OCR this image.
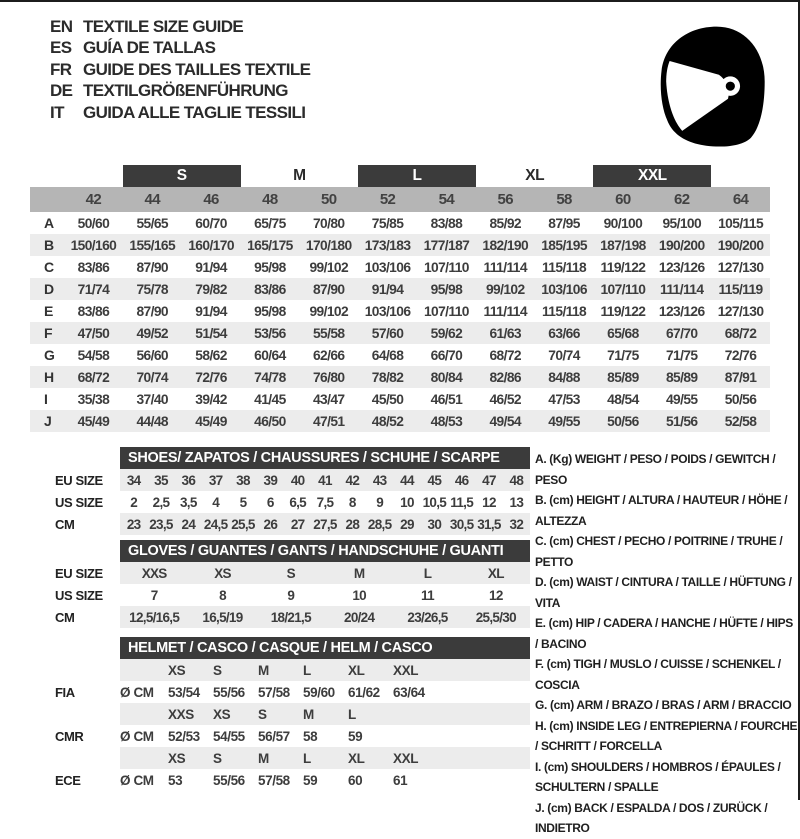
EN TEXTILE SIZE GUIDE
ES GUÍA DE TALLAS
FR GUIDE DES TAILLES TEXTILE
DE TEXTILGRÖßENFÜHRUNG
IT	GUIDA ALLE TAGLIE TESSILI
S	M	L	XL	XXL
42	44	46	48	50	52	54	56	58	60	62	64
A	50/60	55/65	60/70	65/75	70/80	75/85	83/88	85/92	87/95	90/100	95/100	105/115
B	150/160 155/165 160/170 165/175 170/180 173/183 177/187 182/190 185/195 187/198 190/200 190/200
C	83/86	87/90	91/94	95/98	99/102	103/106 107/110	111/114	115/118	119/122 123/126 127/130
D	71/74	75/78	79/82	83/86	87/90	91/94	95/98	99/102	103/106 107/110	111/114	115/119
E	83/86	87/90	91/94	95/98	99/102	103/106 107/110	111/114	115/118	119/122 123/126 127/130
F	47/50	49/52	51/54	53/56	55/58	57/60	59/62	61/63	63/66	65/68	67/70	68/72
G	54/58	56/60	58/62	60/64	62/66	64/68	66/70	68/72	70/74	71/75	71/75	72/76
H	68/72	70/74	72/76	74/78	76/80	78/82	80/84	82/86	84/88	85/89	85/89	87/91
I	35/38	37/40	39/42	41/45	43/47	45/50	46/51	46/52	47/53	48/54	49/55	50/56
J	45/49	44/48	45/49	46/50	47/51	48/52	48/53	49/54	49/55	50/56	51/56	52/58
SHOES/ ZAPATOS / CHAUSSURES / SCHUHE / SCARPE
EU SIZE	34	35	36	37	38	39	40	41	42	43	44	45	46	47	48
US SIZE	2	2,5 3,5	4	5	6	6,5 7,5	8	9	10 10,5 11,5 12	13
CM	23 23,5 24 24,5 25,5 26	27 27,5 28 28,5 29	30 30,5 31,5 32
GLOVES / GUANTES / GANTS / HANDSCHUHE / GUANTI
EU SIZE	XXS	XS	S	M	L	XL
US SIZE	7	8	9	10	11	12
CM	12,5/16,5	16,5/19	18/21,5	20/24	23/26,5	25,5/30
HELMET / CASCO / CASQUE / HELM / CASCO
XS	S	M	L	XL	XXL
FIA	Ø CM	53/54 55/56 57/58 59/60 61/62 63/64
XXS	XS	S	M	L
CMR	Ø CM	52/53 54/55 56/57 58	59
XS	S	M	L	XL	XXL
ECE	Ø CM	53	55/56 57/58 59	60	61
A. (Kg) WEIGHT / PESO / POIDS / GEWITCH / PESO
B. (cm) HEIGHT / ALTURA / HAUTEUR / HÖHE / ALTEZZA
C. (cm) CHEST / PECHO / POITRINE / TRUHE / PETTO
D. (cm) WAIST / CINTURA / TAILLE / HÜFTUNG / VITA
E. (cm) HIP / CADERA / HANCHE / HÜFTE / HIPS / BACINO
F. (cm) TIGH / MUSLO / CUISSE / SCHENKEL / COSCIA
G. (cm) ARM / BRAZO / BRAS / ARM / BRACCIO
H. (cm) INSIDE LEG / ENTREPIERNA / FOURCHE / SCHRITT / FORCELLA
I. (cm) SHOULDERS / HOMBROS / ÉPAULES / SCHULTERN / SPALLE
J. (cm) BACK / ESPALDA / DOS / ZURÜCK / INDIETRO
